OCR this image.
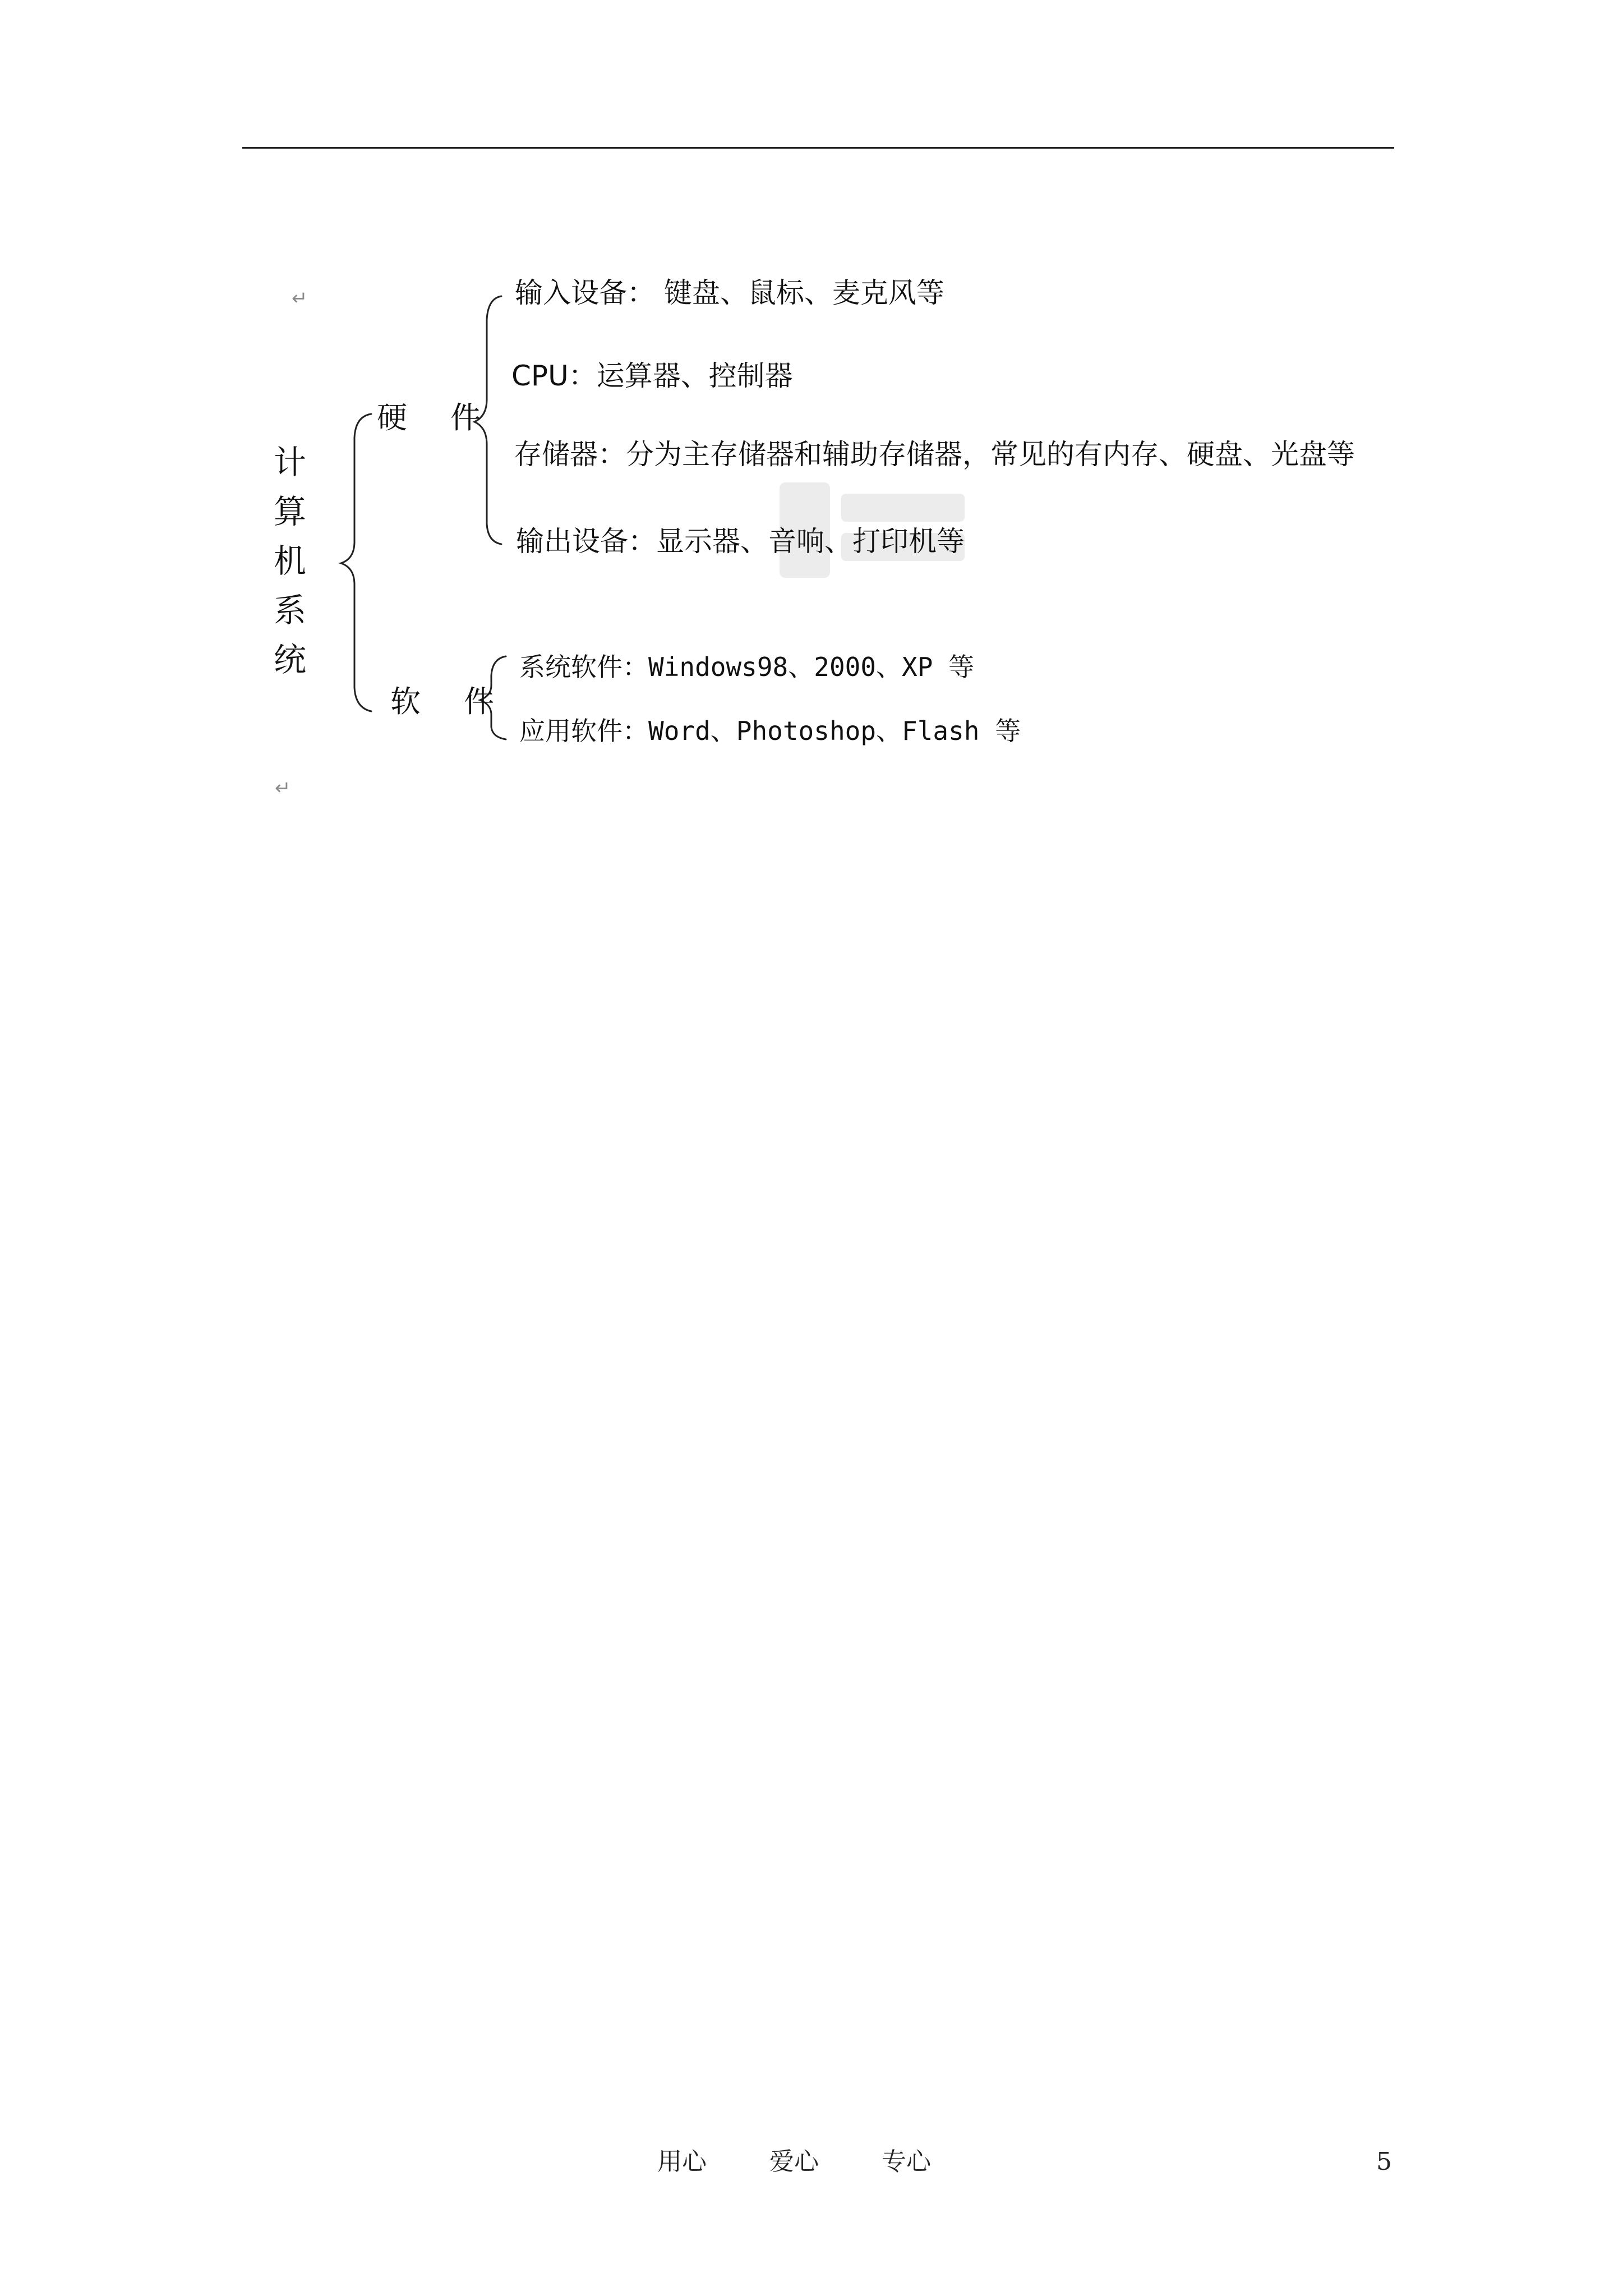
↵
计
算
机
系
统
硬 件
软 件
输入设备： 键盘、鼠标、麦克风等
CPU：运算器、控制器
存储器：分为主存储器和辅助存储器，常见的有内存、硬盘、光盘等
输出设备：显示器、音响、打印机等
系统软件：Windows98、2000、XP 等
应用软件：Word、Photoshop、Flash 等
↵
用心	爱心	专心	5
